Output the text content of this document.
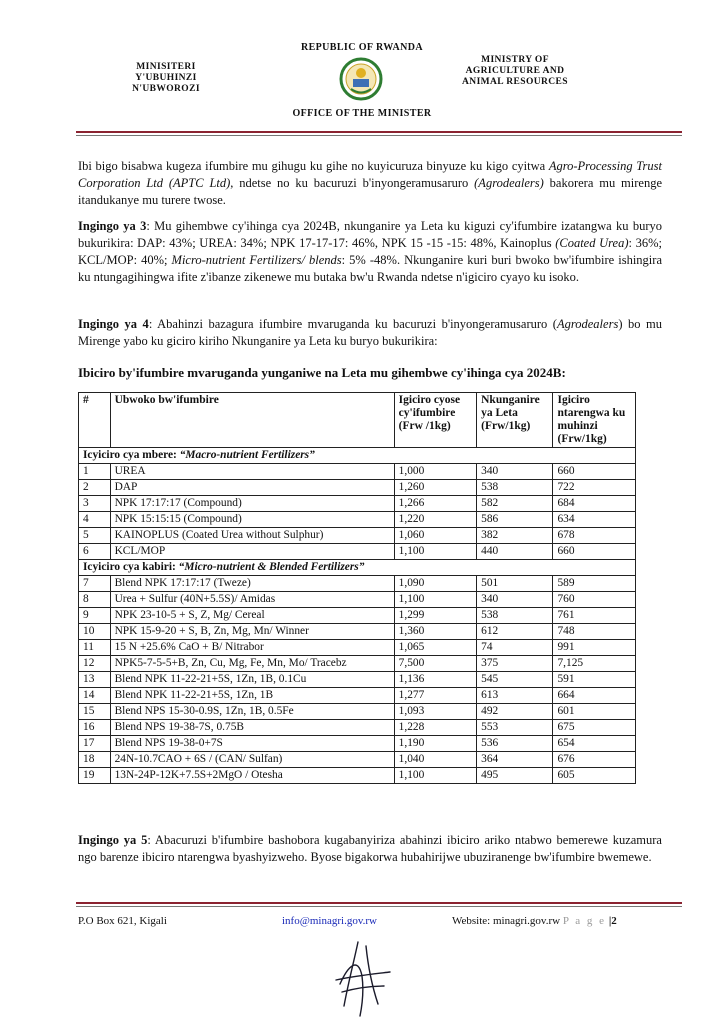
REPUBLIC OF RWANDA
MINISITERI
Y'UBUHINZI
N'UBWOROZI
MINISTRY OF
AGRICULTURE AND
ANIMAL RESOURCES
OFFICE OF THE MINISTER

Ibi bigo bisabwa kugeza ifumbire mu gihugu ku gihe no kuyicuruza binyuze ku kigo cyitwa Agro-Processing Trust Corporation Ltd (APTC Ltd), ndetse no ku bacuruzi b'inyongeramusaruro (Agrodealers) bakorera mu mirenge itandukanye mu turere twose.

Ingingo ya 3: Mu gihembwe cy'ihinga cya 2024B, nkunganire ya Leta ku kiguzi cy'ifumbire izatangwa ku buryo bukurikira: DAP: 43%; UREA: 34%; NPK 17-17-17: 46%, NPK 15 -15 -15: 48%, Kainoplus (Coated Urea): 36%; KCL/MOP: 40%; Micro-nutrient Fertilizers/ blends: 5% -48%. Nkunganire kuri buri bwoko bw'ifumbire ishingira ku ntungagihingwa ifite z'ibanze zikenewe mu butaka bw'u Rwanda ndetse n'igiciro cyayo ku isoko.

Ingingo ya 4: Abahinzi bazagura ifumbire mvaruganda ku bacuruzi b'inyongeramusaruro (Agrodealers) bo mu Mirenge yabo ku giciro kiriho Nkunganire ya Leta ku buryo bukurikira:

Ibiciro by'ifumbire mvaruganda yunganiwe na Leta mu gihembwe cy'ihinga cya 2024B:
#	Ubwoko bw'ifumbire	Igiciro cyose cy'ifumbire (Frw /1kg)	Nkunganire ya Leta (Frw/1kg)	Igiciro ntarengwa ku muhinzi (Frw/1kg)
Icyiciro cya mbere: “Macro-nutrient Fertilizers”				
1	UREA	1,000	340	660
2	DAP	1,260	538	722
3	NPK 17:17:17 (Compound)	1,266	582	684
4	NPK 15:15:15 (Compound)	1,220	586	634
5	KAINOPLUS (Coated Urea without Sulphur)	1,060	382	678
6	KCL/MOP	1,100	440	660
Icyiciro cya kabiri: “Micro-nutrient & Blended Fertilizers”				
7	Blend NPK 17:17:17 (Tweze)	1,090	501	589
8	Urea + Sulfur (40N+5.5S)/ Amidas	1,100	340	760
9	NPK 23-10-5 + S, Z, Mg/ Cereal	1,299	538	761
10	NPK 15-9-20 + S, B, Zn, Mg, Mn/ Winner	1,360	612	748
11	15 N +25.6% CaO + B/ Nitrabor	1,065	74	991
12	NPK5-7-5-5+B, Zn, Cu, Mg, Fe, Mn, Mo/ Tracebz	7,500	375	7,125
13	Blend NPK 11-22-21+5S, 1Zn, 1B, 0.1Cu	1,136	545	591
14	Blend NPK 11-22-21+5S, 1Zn, 1B	1,277	613	664
15	Blend NPS 15-30-0.9S, 1Zn, 1B, 0.5Fe	1,093	492	601
16	Blend NPS 19-38-7S, 0.75B	1,228	553	675
17	Blend NPS 19-38-0+7S	1,190	536	654
18	24N-10.7CAO + 6S / (CAN/ Sulfan)	1,040	364	676
19	13N-24P-12K+7.5S+2MgO / Otesha	1,100	495	605

Ingingo ya 5: Abacuruzi b'ifumbire bashobora kugabanyiriza abahinzi ibiciro ariko ntabwo bemerewe kuzamura ngo barenze ibiciro ntarengwa byashyizweho. Byose bigakorwa hubahirijwe ubuziranenge bw'ifumbire bwemewe.

P.O Box 621, Kigali	info@minagri.gov.rw	Website: minagri.gov.rw P a g e |2
